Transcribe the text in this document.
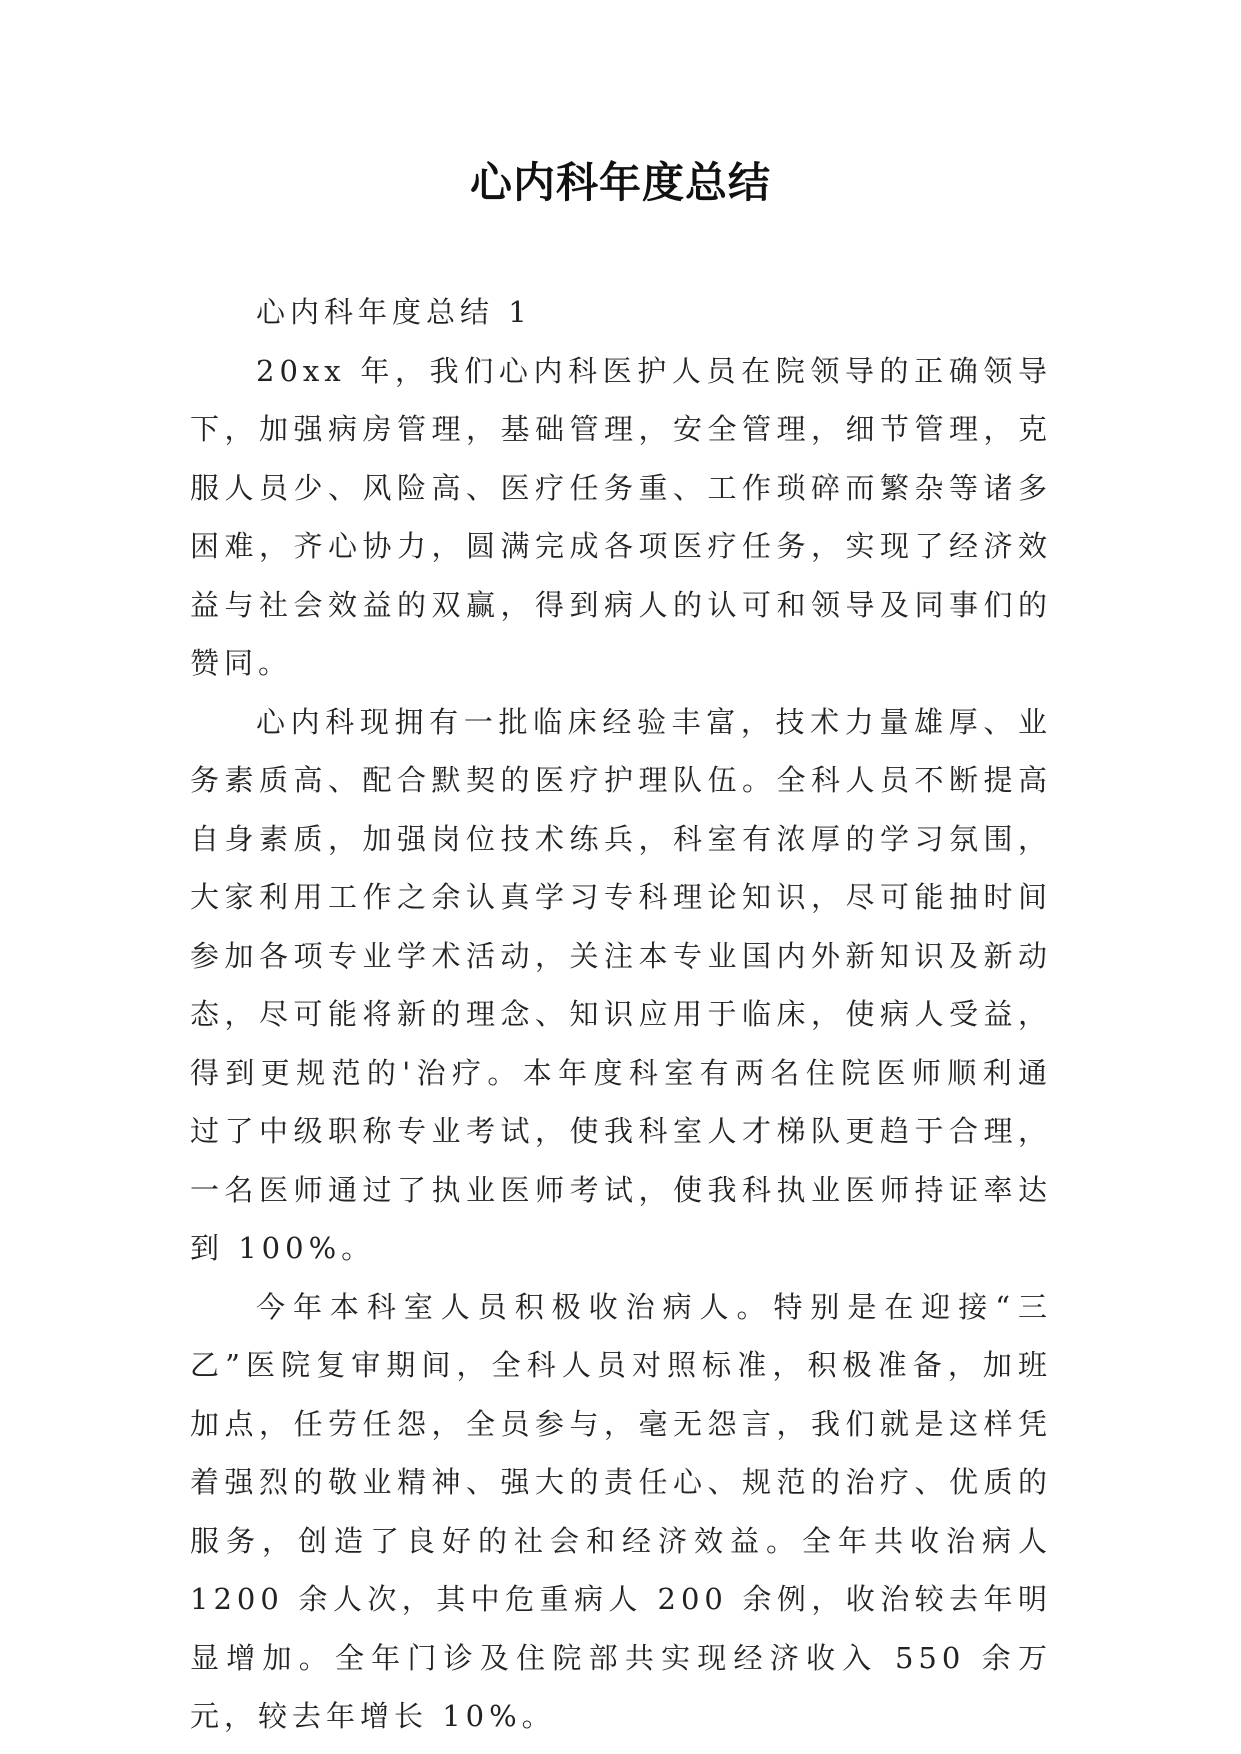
心内科年度总结

心内科年度总结 1

20xx 年，我们心内科医护人员在院领导的正确领导下，加强病房管理，基础管理，安全管理，细节管理，克服人员少、风险高、医疗任务重、工作琐碎而繁杂等诸多困难，齐心协力，圆满完成各项医疗任务，实现了经济效益与社会效益的双赢，得到病人的认可和领导及同事们的赞同。

心内科现拥有一批临床经验丰富，技术力量雄厚、业务素质高、配合默契的医疗护理队伍。全科人员不断提高自身素质，加强岗位技术练兵，科室有浓厚的学习氛围，大家利用工作之余认真学习专科理论知识，尽可能抽时间参加各项专业学术活动，关注本专业国内外新知识及新动态，尽可能将新的理念、知识应用于临床，使病人受益，得到更规范的'治疗。本年度科室有两名住院医师顺利通过了中级职称专业考试，使我科室人才梯队更趋于合理，一名医师通过了执业医师考试，使我科执业医师持证率达到 100%。

今年本科室人员积极收治病人。特别是在迎接“三乙”医院复审期间，全科人员对照标准，积极准备，加班加点，任劳任怨，全员参与，毫无怨言，我们就是这样凭着强烈的敬业精神、强大的责任心、规范的治疗、优质的服务，创造了良好的社会和经济效益。全年共收治病人 1200 余人次，其中危重病人 200 余例，收治较去年明显增加。全年门诊及住院部共实现经济收入 550 余万元，较去年增长 10%。
